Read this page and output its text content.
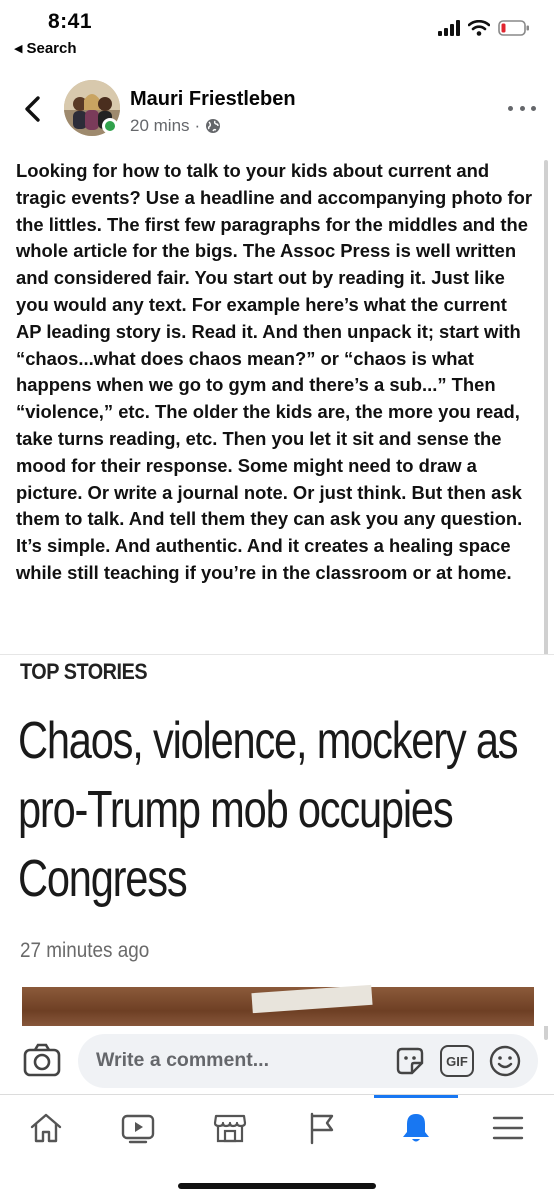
8:41
◀ Search
Mauri Friestleben
20 mins ·
Looking for how to talk to your kids about current and tragic events? Use a headline and accompanying photo for the littles. The first few paragraphs for the middles and the whole article for the bigs. The Assoc Press is well written and considered fair. You start out by reading it. Just like you would any text. For example here’s what the current AP leading story is. Read it. And then unpack it; start with “chaos...what does chaos mean?” or “chaos is what happens when we go to gym and there’s a sub...” Then “violence,” etc. The older the kids are, the more you read, take turns reading, etc. Then you let it sit and sense the mood for their response. Some might need to draw a picture. Or write a journal note. Or just think. But then ask them to talk. And tell them they can ask you any question. It’s simple. And authentic. And it creates a healing space while still teaching if you’re in the classroom or at home.
TOP STORIES
Chaos, violence, mockery as pro-Trump mob occupies Congress
27 minutes ago
Write a comment...	GIF
